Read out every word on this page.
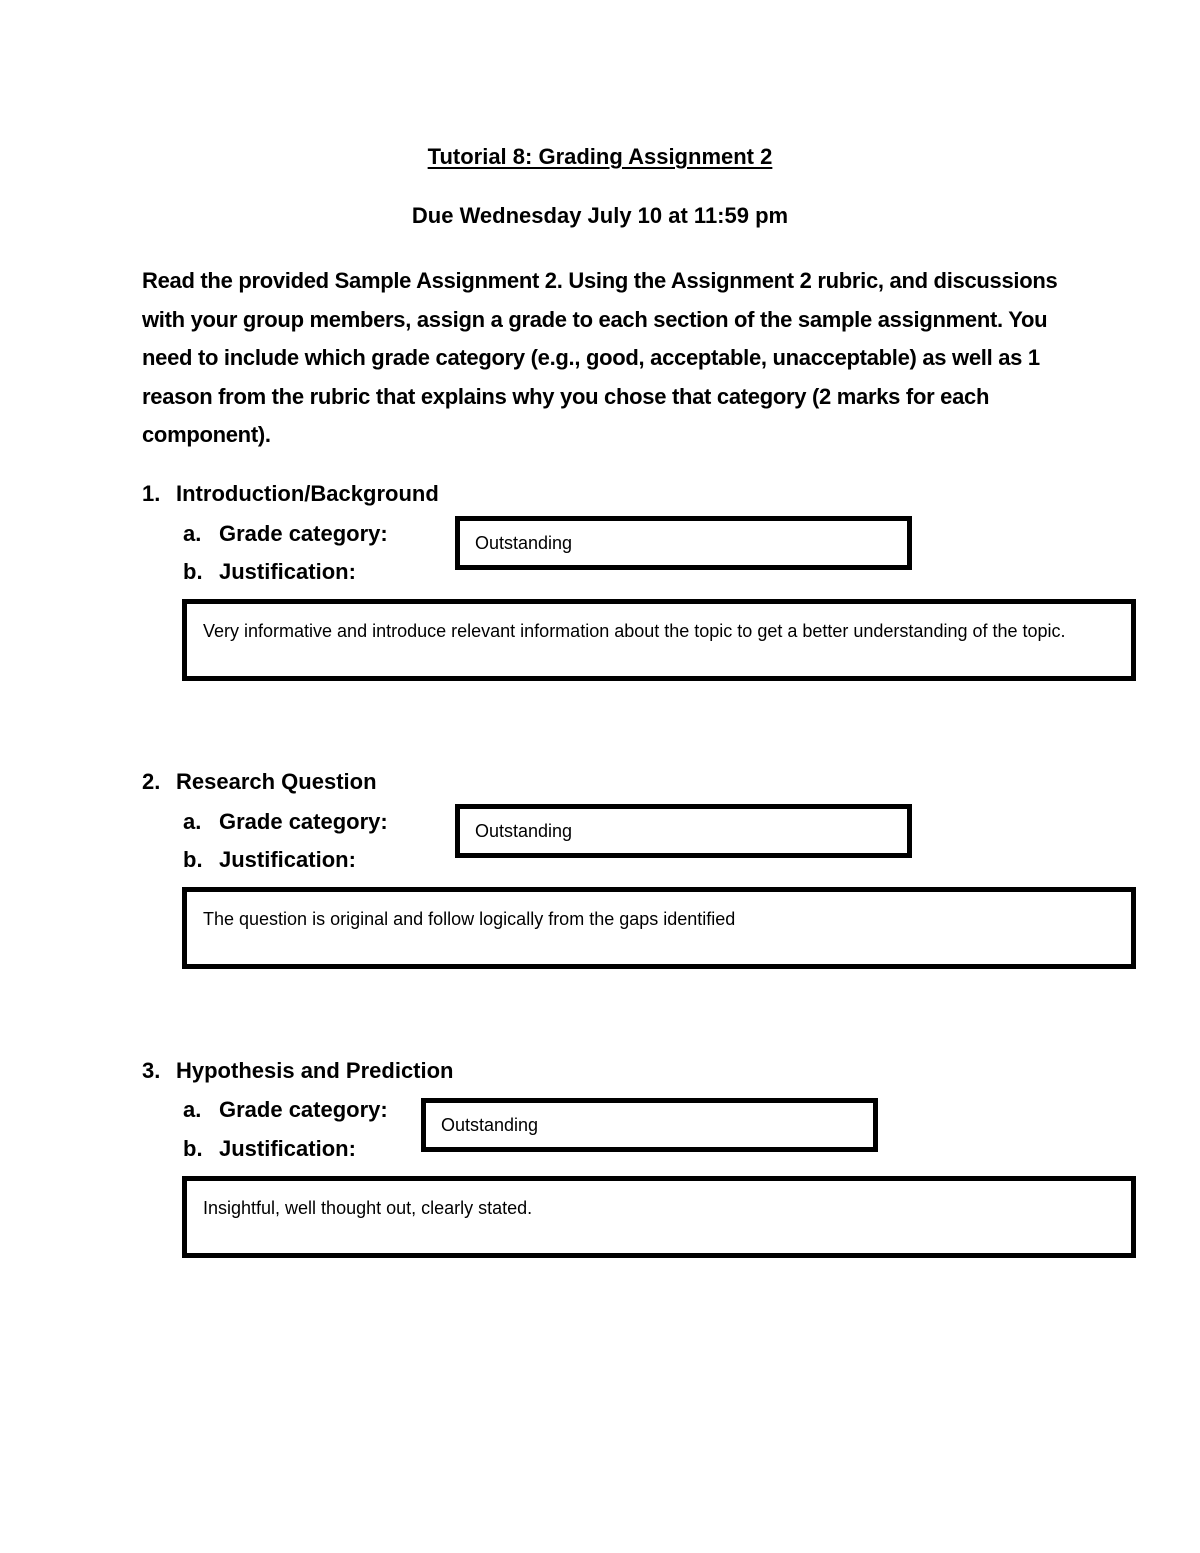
Tutorial 8: Grading Assignment 2
Due Wednesday July 10 at 11:59 pm
Read the provided Sample Assignment 2. Using the Assignment 2 rubric, and discussions with your group members, assign a grade to each section of the sample assignment. You need to include which grade category (e.g., good, acceptable, unacceptable) as well as 1 reason from the rubric that explains why you chose that category (2 marks for each component).
1. Introduction/Background
a. Grade category:
b. Justification:
Outstanding
Very informative and introduce relevant information about the topic to get a better understanding of the topic.
2. Research Question
a. Grade category:
b. Justification:
Outstanding
The question is original and follow logically from the gaps identified
3. Hypothesis and Prediction
a. Grade category:
b. Justification:
Outstanding
Insightful, well thought out, clearly stated.
